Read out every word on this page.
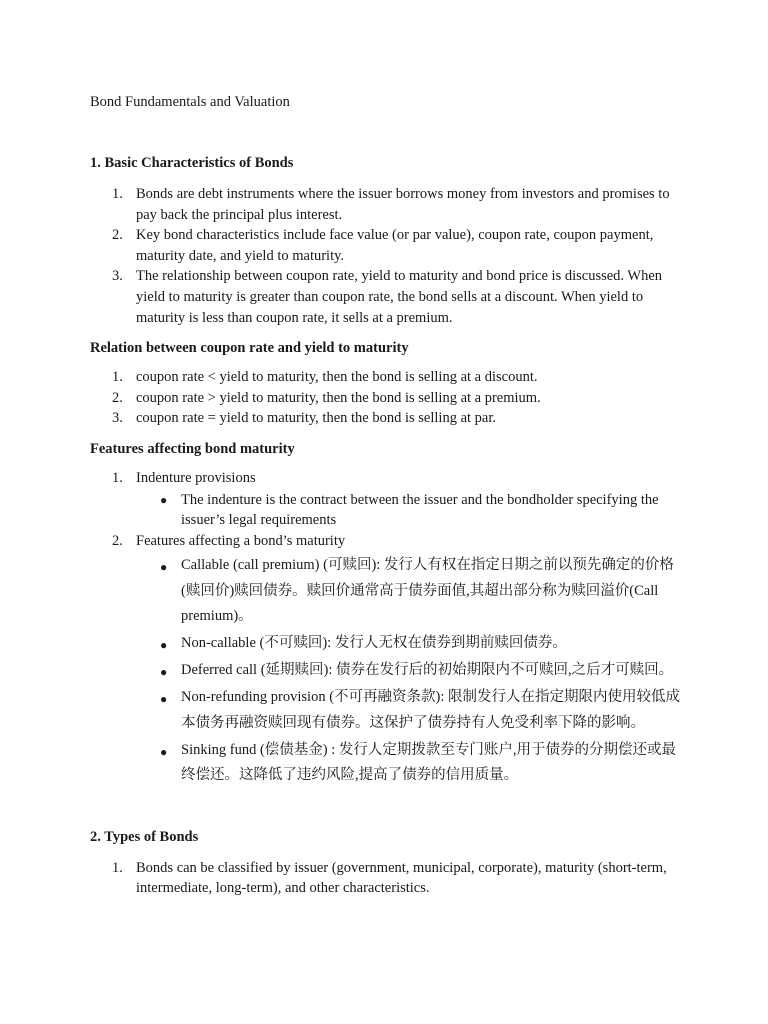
Bond Fundamentals and Valuation

1. Basic Characteristics of Bonds

1. Bonds are debt instruments where the issuer borrows money from investors and promises to pay back the principal plus interest.
2. Key bond characteristics include face value (or par value), coupon rate, coupon payment, maturity date, and yield to maturity.
3. The relationship between coupon rate, yield to maturity and bond price is discussed. When yield to maturity is greater than coupon rate, the bond sells at a discount. When yield to maturity is less than coupon rate, it sells at a premium.

Relation between coupon rate and yield to maturity

1. coupon rate < yield to maturity, then the bond is selling at a discount.
2. coupon rate > yield to maturity, then the bond is selling at a premium.
3. coupon rate = yield to maturity, then the bond is selling at par.

Features affecting bond maturity

1. Indenture provisions
● The indenture is the contract between the issuer and the bondholder specifying the issuer’s legal requirements
2. Features affecting a bond’s maturity
● Callable (call premium) (可赎回): 发行人有权在指定日期之前以预先确定的价格(赎回价)赎回债券。赎回价通常高于债券面值,其超出部分称为赎回溢价(Call premium)。
● Non-callable (不可赎回): 发行人无权在债券到期前赎回债券。
● Deferred call (延期赎回): 债券在发行后的初始期限内不可赎回,之后才可赎回。
● Non-refunding provision (不可再融资条款): 限制发行人在指定期限内使用较低成本债务再融资赎回现有债券。这保护了债券持有人免受利率下降的影响。
● Sinking fund (偿债基金) : 发行人定期拨款至专门账户,用于债券的分期偿还或最终偿还。这降低了违约风险,提高了债券的信用质量。

2. Types of Bonds

1. Bonds can be classified by issuer (government, municipal, corporate), maturity (short-term, intermediate, long-term), and other characteristics.
